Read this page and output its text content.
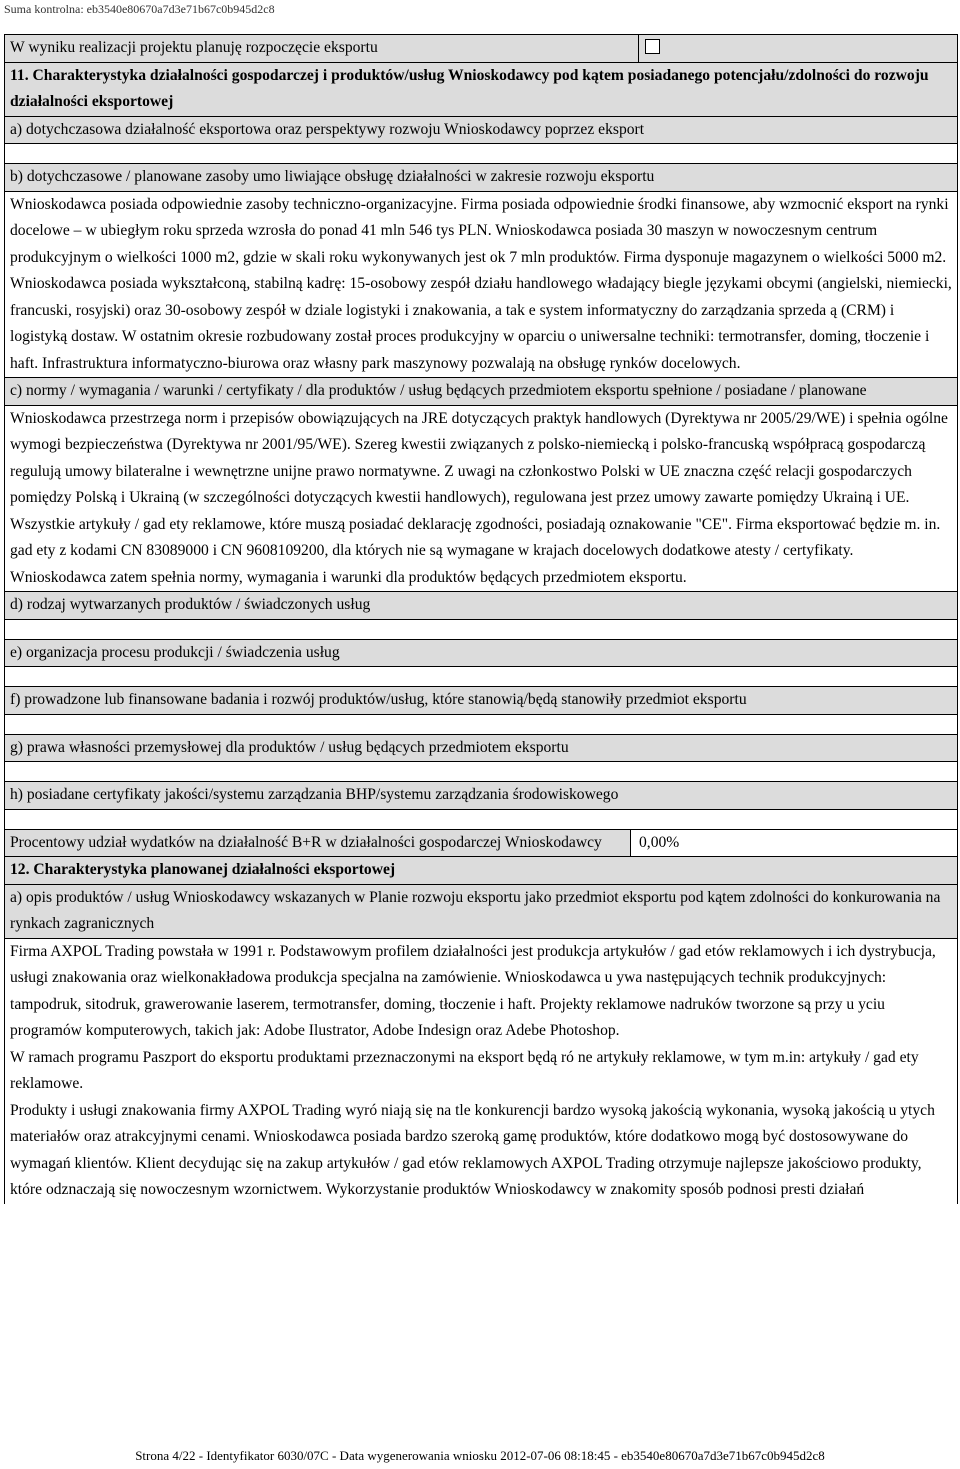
Suma kontrolna: eb3540e80670a7d3e71b67c0b945d2c8
W wyniku realizacji projektu planuję rozpoczęcie eksportu
11. Charakterystyka działalności gospodarczej i produktów/usług Wnioskodawcy pod kątem posiadanego potencjału/zdolności do rozwoju działalności eksportowej
a) dotychczasowa działalność eksportowa oraz perspektywy rozwoju Wnioskodawcy poprzez eksport
b) dotychczasowe / planowane zasoby umo liwiające obsługę działalności w zakresie rozwoju eksportu
Wnioskodawca posiada odpowiednie zasoby techniczno-organizacyjne. Firma posiada odpowiednie środki finansowe, aby wzmocnić eksport na rynki docelowe – w ubiegłym roku sprzeda wzrosła do ponad 41 mln 546 tys PLN. Wnioskodawca posiada 30 maszyn w nowoczesnym centrum produkcyjnym o wielkości 1000 m2, gdzie w skali roku wykonywanych jest ok 7 mln produktów. Firma dysponuje magazynem o wielkości 5000 m2. Wnioskodawca posiada wykształconą, stabilną kadrę: 15-osobowy zespół działu handlowego władający biegle językami obcymi (angielski, niemiecki, francuski, rosyjski) oraz 30-osobowy zespół w dziale logistyki i znakowania, a tak e system informatyczny do zarządzania sprzeda ą (CRM) i logistyką dostaw. W ostatnim okresie rozbudowany został proces produkcyjny w oparciu o uniwersalne techniki: termotransfer, doming, tłoczenie i haft. Infrastruktura informatyczno-biurowa oraz własny park maszynowy pozwalają na obsługę rynków docelowych.
c) normy / wymagania / warunki / certyfikaty / dla produktów / usług będących przedmiotem eksportu spełnione / posiadane / planowane
Wnioskodawca przestrzega norm i przepisów obowiązujących na JRE dotyczących praktyk handlowych (Dyrektywa nr 2005/29/WE) i spełnia ogólne wymogi bezpieczeństwa (Dyrektywa nr 2001/95/WE). Szereg kwestii związanych z polsko-niemiecką i polsko-francuską współpracą gospodarczą regulują umowy bilateralne i wewnętrzne unijne prawo normatywne. Z uwagi na członkostwo Polski w UE znaczna część relacji gospodarczych pomiędzy Polską i Ukrainą (w szczególności dotyczących kwestii handlowych), regulowana jest przez umowy zawarte pomiędzy Ukrainą i UE. Wszystkie artykuły / gad ety reklamowe, które muszą posiadać deklarację zgodności, posiadają oznakowanie "CE". Firma eksportować będzie m. in. gad ety z kodami CN 83089000 i CN 9608109200, dla których nie są wymagane w krajach docelowych dodatkowe atesty / certyfikaty. Wnioskodawca zatem spełnia normy, wymagania i warunki dla produktów będących przedmiotem eksportu.
d) rodzaj wytwarzanych produktów / świadczonych usług
e) organizacja procesu produkcji / świadczenia usług
f) prowadzone lub finansowane badania i rozwój produktów/usług, które stanowią/będą stanowiły przedmiot eksportu
g) prawa własności przemysłowej dla produktów / usług będących przedmiotem eksportu
h) posiadane certyfikaty jakości/systemu zarządzania BHP/systemu zarządzania środowiskowego
Procentowy udział wydatków na działalność B+R w działalności gospodarczej Wnioskodawcy	0,00%
12. Charakterystyka planowanej działalności eksportowej
a) opis produktów / usług Wnioskodawcy wskazanych w Planie rozwoju eksportu jako przedmiot eksportu pod kątem zdolności do konkurowania na rynkach zagranicznych

Firma AXPOL Trading powstała w 1991 r. Podstawowym profilem działalności jest produkcja artykułów / gad etów reklamowych i ich dystrybucja, usługi znakowania oraz wielkonakładowa produkcja specjalna na zamówienie. Wnioskodawca u ywa następujących technik produkcyjnych: tampodruk, sitodruk, grawerowanie laserem, termotransfer, doming, tłoczenie i haft. Projekty reklamowe nadruków tworzone są przy u yciu programów komputerowych, takich jak: Adobe Ilustrator, Adobe Indesign oraz Adebe Photoshop.

W ramach programu Paszport do eksportu produktami przeznaczonymi na eksport będą ró ne artykuły reklamowe, w tym m.in: artykuły / gad ety reklamowe.

Produkty i usługi znakowania firmy AXPOL Trading wyró niają się na tle konkurencji bardzo wysoką jakością wykonania, wysoką jakością u ytych materiałów oraz atrakcyjnymi cenami. Wnioskodawca posiada bardzo szeroką gamę produktów, które dodatkowo mogą być dostosowywane do wymagań klientów. Klient decydując się na zakup artykułów / gad etów reklamowych AXPOL Trading otrzymuje najlepsze jakościowo produkty, które odznaczają się nowoczesnym wzornictwem. Wykorzystanie produktów Wnioskodawcy w znakomity sposób podnosi presti działań

Strona 4/22 - Identyfikator 6030/07C - Data wygenerowania wniosku 2012-07-06 08:18:45 - eb3540e80670a7d3e71b67c0b945d2c8
